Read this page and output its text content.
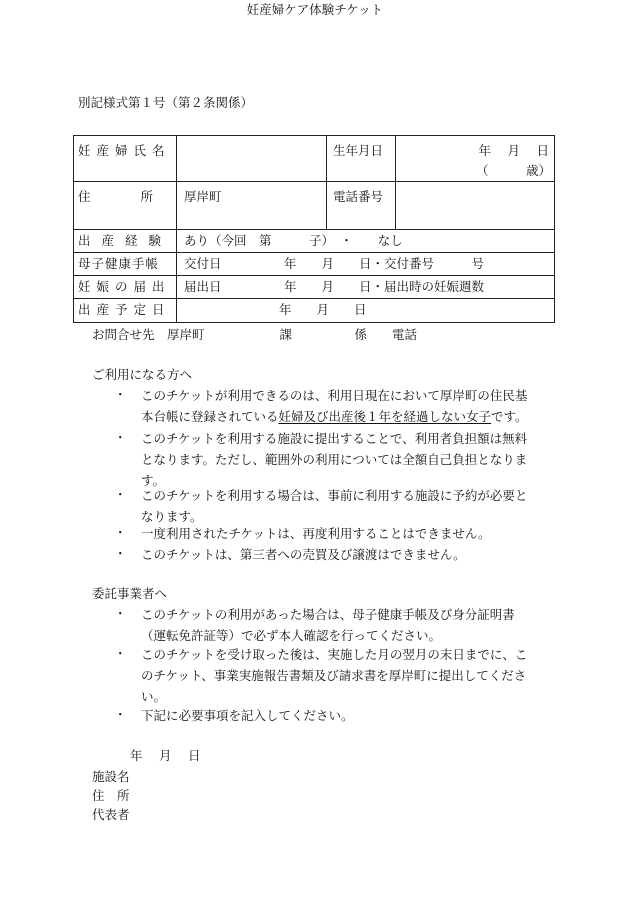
別記様式第１号（第２条関係）
妊産婦ケア体験チケット
妊産婦氏名	生年月日	年　 月　 日
（　　　歳）
住　　　　所	厚岸町	電話番号
出産経験 あり（今回　第　　　子）　・　　なし
母子健康手帳	交付日　　　　　年　　月　　日・交付番号　　　号
妊娠の届出	届出日　　　　　年　　月　　日・届出時の妊娠週数
出産予定日	年　　月　　日
お問合せ先　厚岸町　　　　　　課　　　　　係　　電話
ご利用になる方へ
・ このチケットが利用できるのは、利用日現在において厚岸町の住民基
本台帳に登録されている妊婦及び出産後１年を経過しない女子です。
・ このチケットを利用する施設に提出することで、利用者負担額は無料
となります。ただし、範囲外の利用については全額自己負担となりま
す。
・ このチケットを利用する場合は、事前に利用する施設に予約が必要と
なります。
・ 一度利用されたチケットは、再度利用することはできません。
・ このチケットは、第三者への売買及び譲渡はできません。
委託事業者へ
・ このチケットの利用があった場合は、母子健康手帳及び身分証明書
（運転免許証等）で必ず本人確認を行ってください。
・ このチケットを受け取った後は、実施した月の翌月の末日までに、こ
のチケット、事業実施報告書類及び請求書を厚岸町に提出してくださ
い。
・ 下記に必要事項を記入してください。
年　 月　 日
施設名
住　所
代表者
